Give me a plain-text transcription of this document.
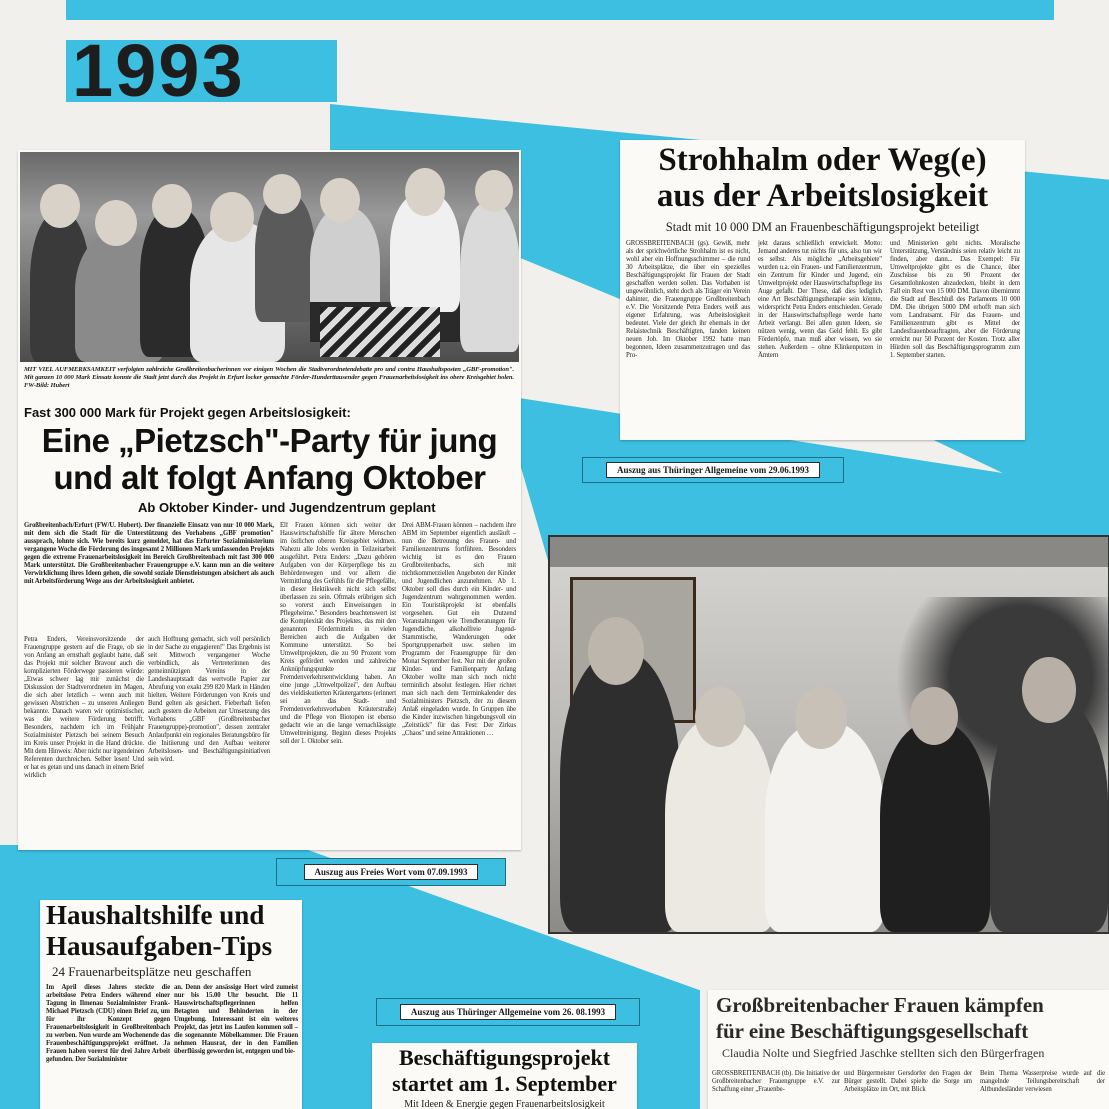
1993
MIT VIEL AUFMERKSAMKEIT verfolgten zahlreiche Großbreitenbacherinnen vor einigen Wochen die Stadtverordnetendebatte pro und contra Haushaltsposten „GBF-promotion". Mit ganzen 10 000 Mark Einsatz konnte die Stadt jetzt durch das Projekt in Erfurt locker gemachte Förder-Hunderttausender gegen Frauenarbeitslosigkeit ins obere Kreisgebiet holen. FW-Bild: Hubert
Fast 300 000 Mark für Projekt gegen Arbeitslosigkeit:
Eine „Pietzsch"-Party für jung
und alt folgt Anfang Oktober
Ab Oktober Kinder- und Jugendzentrum geplant
Großbreitenbach/Erfurt (FW/U. Hubert). Der finanzielle Einsatz von nur 10 000 Mark, mit dem sich die Stadt für die Unterstützung des Vorhabens „GBF promotion" aussprach, lohnte sich. Wie bereits kurz gemeldet, hat das Erfurter Sozialministerium vergangene Woche die Förderung des insgesamt 2 Millionen Mark umfassenden Projekts gegen die extreme Frauenarbeitslosigkeit im Bereich Großbreitenbach mit fast 300 000 Mark unterstützt. Die Großbreitenbacher Frauengruppe e.V. kann nun an die weitere Verwirklichung ihres Ideen gehen, die sowohl soziale Dienstleistungen absichert als auch mit Arbeitsförderung Wege aus der Arbeitslosigkeit anbietet.
Petra Enders, Vereinsvorsitzende der Frauengruppe gestern auf die Frage, ob sie von Anfang an ernsthaft geglaubt hatte, daß das Projekt mit solcher Bravour auch die komplizierten Förderwege passieren würde: „Etwas schwer lag mir zunächst die Diskussion der Stadtverordneten im Magen, die sich aber letztlich – wenn auch mit gewissen Abstrichen – zu unseren Anliegen bekannte. Danach waren wir optimistischer, was die weitere Förderung betrifft. Besonders, nachdem ich im Frühjahr Sozialminister Pietzsch bei seinem Besuch im Kreis unser Projekt in die Hand drückte. Mit dem Hinweis: Aber nicht nur irgendeinen Referenten durchreichen. Selber lesen! Und er hat es getan und uns danach in einem Brief wirklich
auch Hoffnung gemacht, sich voll persönlich in der Sache zu engagieren!" Das Ergebnis ist seit Mittwoch vergangener Woche verbindlich, als Vertreterinnen des gemeinnützigen Vereins in der Landeshauptstadt das wertvolle Papier zur Abrufung von exakt 299 820 Mark in Händen hielten. Weitere Förderungen von Kreis und Bund gelten als gesichert. Fieberhaft liefen auch gestern die Arbeiten zur Umsetzung des Vorhabens „GBF (Großbreitenbacher Frauengruppe)-promotion", dessen zentraler Anlaufpunkt ein regionales Beratungsbüro für die Initiierung und den Aufbau weiterer Arbeitslosen- und Beschäftigungsinitiativen sein wird.
Elf Frauen können sich weiter der Hauswirtschaftshilfe für ältere Menschen im östlichen oberen Kreisgebiet widmen. Nahezu alle Jobs werden in Teilzeitarbeit ausgeführt. Petra Enders: „Dazu gehören Aufgaben von der Körperpflege bis zu Behördenwegen und vor allem die Vermittlung des Gefühls für die Pflegefälle, in dieser Hektikwelt nicht sich selbst überlassen zu sein. Oftmals erübrigen sich so vorerst auch Einweisungen in Pflegeheime." Besonders beachtenswert ist die Komplexität des Projektes, das mit den genannten Fördermitteln in vielen Bereichen auch die Aufgaben der Kommune unterstützt. So bei Umweltprojekten, die zu 90 Prozent vom Kreis gefördert werden und zahlreiche Anknüpfungspunkte zur Fremdenverkehrsentwicklung haben. An eine junge „Umweltpolizei", den Aufbau des vieldiskutierten Kräutergartens (erinnert sei an das Stadt- und Fremdenverkehrsvorhaben Kräuterstraße) und die Pflege von Biotopen ist ebenso gedacht wie an die lange vernachlässigte Umweltreinigung. Beginn dieses Projekts soll der 1. Oktober sein.
Drei ABM-Frauen können – nachdem ihre ABM im September eigentlich ausläuft – nun die Betreuung des Frauen- und Familienzentrums fortführen. Besonders wichtig ist es den Frauen Großbreitenbachs, sich mit nichtkommerziellen Angeboten der Kinder und Jugendlichen anzunehmen. Ab 1. Oktober soll dies durch ein Kinder- und Jugendzentrum wahrgenommen werden. Ein Touristikprojekt ist ebenfalls vorgesehen. Gut ein Dutzend Veranstaltungen wie Trendberatungen für Jugendliche, alkoholfreie Jugend-Stammtische, Wanderungen oder Sportgruppenarbeit usw. stehen im Programm der Frauengruppe für den Monat September fest. Nur mit der großen Kinder- und Familienparty Anfang Oktober wollte man sich noch nicht terminlich absolut festlegen. Hier richtet man sich nach dem Terminkalender des Sozialministers Pietzsch, der zu diesem Anlaß eingeladen wurde. In Gruppen übe die Kinder inzwischen hingebungsvoll ein „Zeitstück" für das Fest: Der Zirkus „Chaos" und seine Attraktionen …
Auszug aus Freies Wort vom 07.09.1993
Strohhalm oder Weg(e)
aus der Arbeitslosigkeit
Stadt mit 10 000 DM an Frauenbeschäftigungsprojekt beteiligt
GROSSBREITENBACH (gs). Gewiß, mehr als der sprichwörtliche Strohhalm ist es nicht, wohl aber ein Hoffnungsschimmer – die rund 30 Arbeitsplätze, die über ein spezielles Beschäftigungsprojekt für Frauen der Stadt geschaffen werden sollen. Das Vorhaben ist ungewöhnlich, steht doch als Träger ein Verein dahinter, die Frauengruppe Großbreitenbach e.V. Die Vorsitzende Petra Enders weiß aus eigener Erfahrung, was Arbeitslosigkeit bedeutet. Viele der gleich ihr ehemals in der Relaistechnik Beschäftigten, fanden keinen neuen Job. Im Oktober 1992 hatte man begonnen, Ideen zusammenzutragen und das Pro-
jekt daraus schließlich entwickelt. Motto: Jemand anderes tut nichts für uns, also tun wir es selbst. Als mögliche „Arbeitsgebiete" wurden u.a. ein Frauen- und Familienzentrum, ein Zentrum für Kinder und Jugend, ein Umweltprojekt oder Hauswirtschaftspflege ins Auge gefaßt. Der These, daß dies lediglich eine Art Beschäftigungstherapie sein könnte, widerspricht Petra Enders entschieden. Gerade in der Hauswirtschaftspflege werde harte Arbeit verlangt. Bei allen guten Ideen, sie nützen wenig, wenn das Geld fehlt. Es gibt Fördertöpfe, man muß aber wissen, wo sie stehen. Außerdem – ohne Klinkenputzen in Ämtern
und Ministerien geht nichts. Moralische Unterstützung, Verständnis seien relativ leicht zu finden, aber dann... Das Exempel: Für Umweltprojekte gibt es die Chance, über Zuschüsse bis zu 90 Prozent der Gesamtlohnkosten abzudecken, bleibt in dem Fall ein Rest von 15 000 DM. Davon übernimmt die Stadt auf Beschluß des Parlaments 10 000 DM. Die übrigen 5000 DM erhofft man sich vom Landratsamt. Für das Frauen- und Familienzentrum gibt es Mittel der Landesfrauenbeauftragten, aber die Förderung erreicht nur 50 Porzent der Kosten. Trotz aller Hürden soll das Beschäftigungsprogramm zum 1. September starten.
Auszug aus Thüringer Allgemeine vom 29.06.1993
Haushaltshilfe und
Hausaufgaben-Tips
24 Frauenarbeitsplätze neu geschaffen
Im April dieses Jahres steckte die arbeitslose Petra Enders während einer Tagung in Ilmenau Sozialminister Frank-Michael Pietzsch (CDU) einen Brief zu, um für ihr Konzept gegen Frauenarbeitslosigkeit in Großbreitenbach zu werben. Nun wurde am Wochenende das Frauenbeschäftigungsprojekt eröffnet. Ja Frauen haben vorerst für drei Jahre Arbeit gefunden. Der Sozialminister
an. Denn der ansässige Hort wird zumeist nur bis 15.00 Uhr besucht. Die 11 Hauswirtschaftspflegerinnen helfen Betagten und Behinderten in der Umgebung. Interessant ist ein weiteres Projekt, das jetzt ins Laufen kommen soll – die sogenannte Möbelkammer. Die Frauen nehmen Hausrat, der in den Familien überflüssig geworden ist, entgegen und bie-
Auszug aus Thüringer Allgemeine vom 26. 08.1993
Beschäftigungsprojekt
startet am 1. September
Mit Ideen & Energie gegen Frauenarbeitslosigkeit
Großbreitenbacher Frauen kämpfen
für eine Beschäftigungsgesellschaft
Claudia Nolte und Siegfried Jaschke stellten sich den Bürgerfragen
GROSSBREITENBACH (tb). Die Initiative der Großbreitenbacher Frauengruppe e.V. zur Schaffung einer „Frauenbe-
und Bürgermeister Gersdorfer den Fragen der Bürger gestellt. Dabei spielte die Sorge um Arbeitsplätze im Ort, mit Blick
Beim Thema Wasserpreise wurde auf die mangelnde Teilungsbereitschaft der Altbundesländer verwiesen
